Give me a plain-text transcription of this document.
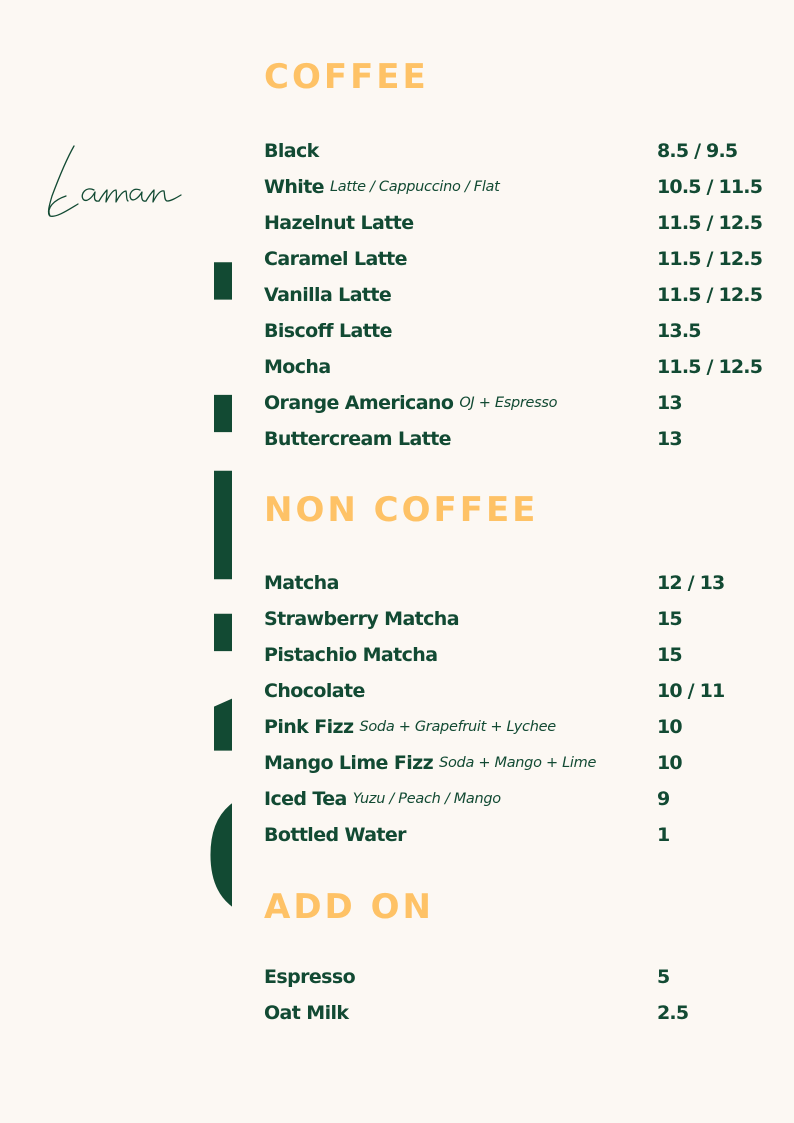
MENU
COFFEE
Black	8.5 / 9.5
White Latte / Cappuccino / Flat	10.5 / 11.5
Hazelnut Latte	11.5 / 12.5
Caramel Latte	11.5 / 12.5
Vanilla Latte	11.5 / 12.5
Biscoff Latte	13.5
Mocha	11.5 / 12.5
Orange Americano OJ + Espresso	13
Buttercream Latte	13
NON COFFEE
Matcha	12 / 13
Strawberry Matcha	15
Pistachio Matcha	15
Chocolate	10 / 11
Pink Fizz Soda + Grapefruit + Lychee	10
Mango Lime Fizz Soda + Mango + Lime	10
Iced Tea Yuzu / Peach / Mango	9
Bottled Water	1
ADD ON
Espresso	5
Oat Milk	2.5
